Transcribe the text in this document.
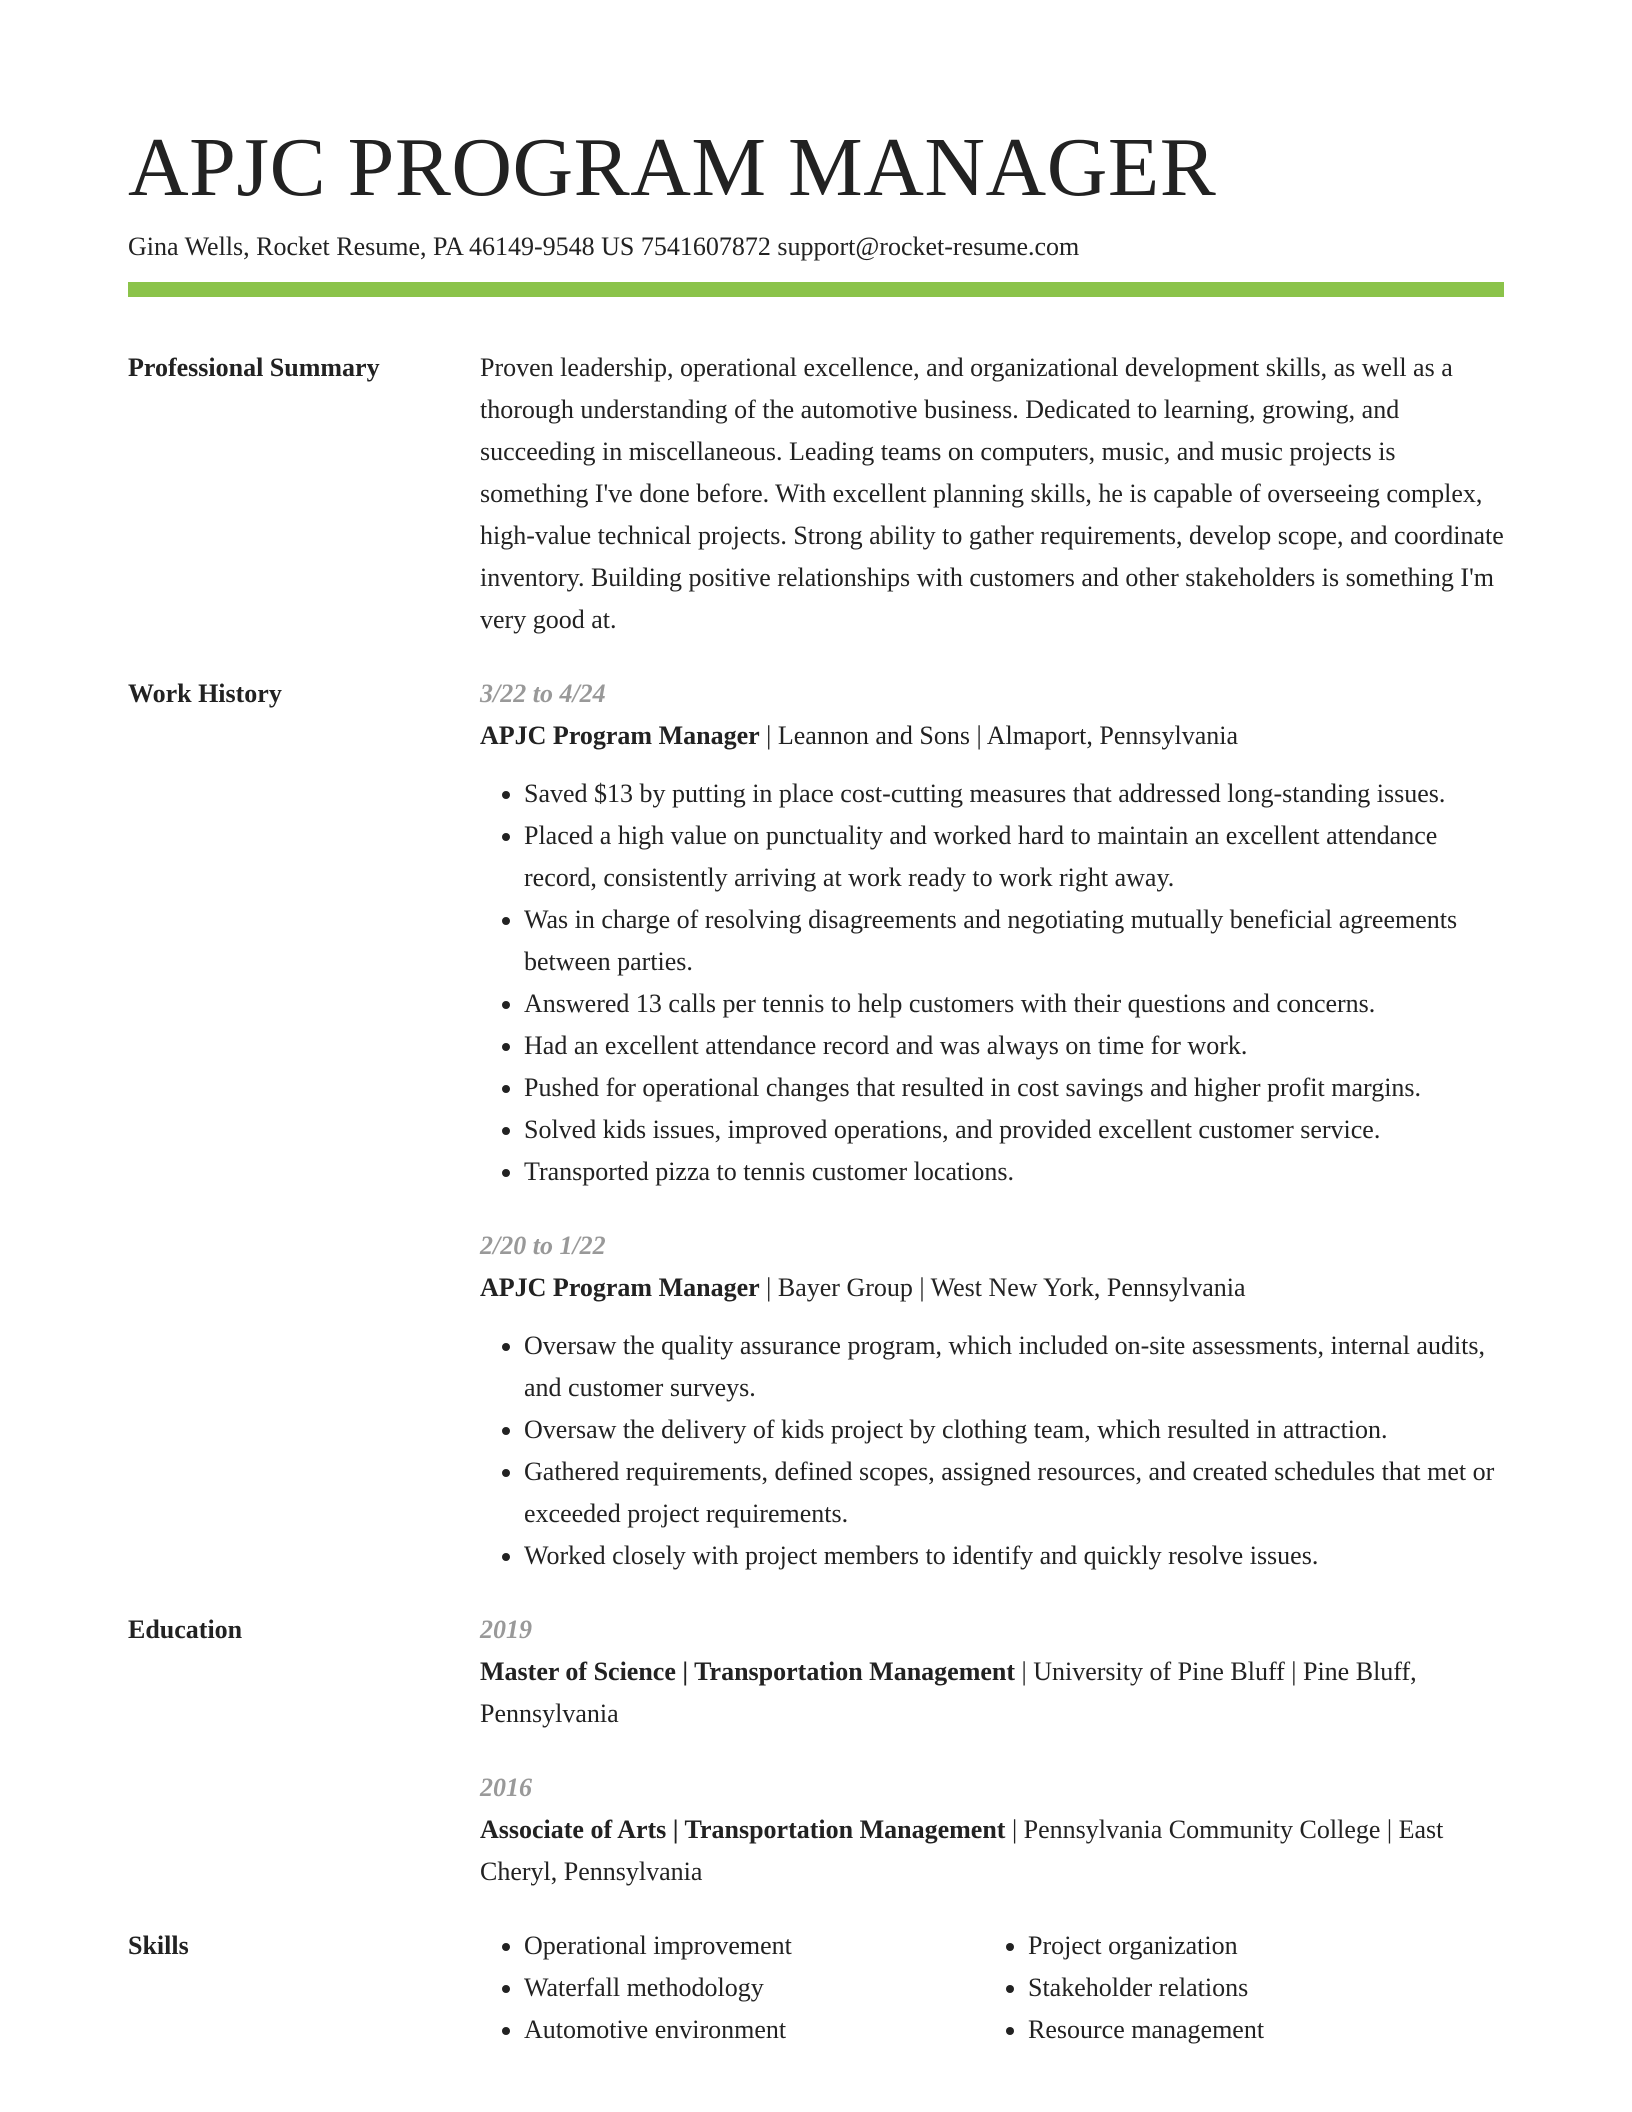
APJC PROGRAM MANAGER
Gina Wells, Rocket Resume, PA 46149-9548 US 7541607872 support@rocket-resume.com
Professional Summary	Proven leadership, operational excellence, and organizational development skills, as well as a thorough understanding of the automotive business. Dedicated to learning, growing, and succeeding in miscellaneous. Leading teams on computers, music, and music projects is something I've done before. With excellent planning skills, he is capable of overseeing complex, high-value technical projects. Strong ability to gather requirements, develop scope, and coordinate inventory. Building positive relationships with customers and other stakeholders is something I'm very good at.

Work History	3/22 to 4/24
APJC Program Manager | Leannon and Sons | Almaport, Pennsylvania
• Saved $13 by putting in place cost-cutting measures that addressed long-standing issues.
• Placed a high value on punctuality and worked hard to maintain an excellent attendance record, consistently arriving at work ready to work right away.
• Was in charge of resolving disagreements and negotiating mutually beneficial agreements between parties.
• Answered 13 calls per tennis to help customers with their questions and concerns.
• Had an excellent attendance record and was always on time for work.
• Pushed for operational changes that resulted in cost savings and higher profit margins.
• Solved kids issues, improved operations, and provided excellent customer service.
• Transported pizza to tennis customer locations.
2/20 to 1/22
APJC Program Manager | Bayer Group | West New York, Pennsylvania
• Oversaw the quality assurance program, which included on-site assessments, internal audits, and customer surveys.
• Oversaw the delivery of kids project by clothing team, which resulted in attraction.
• Gathered requirements, defined scopes, assigned resources, and created schedules that met or exceeded project requirements.
• Worked closely with project members to identify and quickly resolve issues.
Education	2019
Master of Science | Transportation Management | University of Pine Bluff | Pine Bluff, Pennsylvania
2016
Associate of Arts | Transportation Management | Pennsylvania Community College | East Cheryl, Pennsylvania
Skills
•	Operational improvement
• Waterfall methodology
• Automotive environment
• Project organization
• Stakeholder relations
• Resource management
